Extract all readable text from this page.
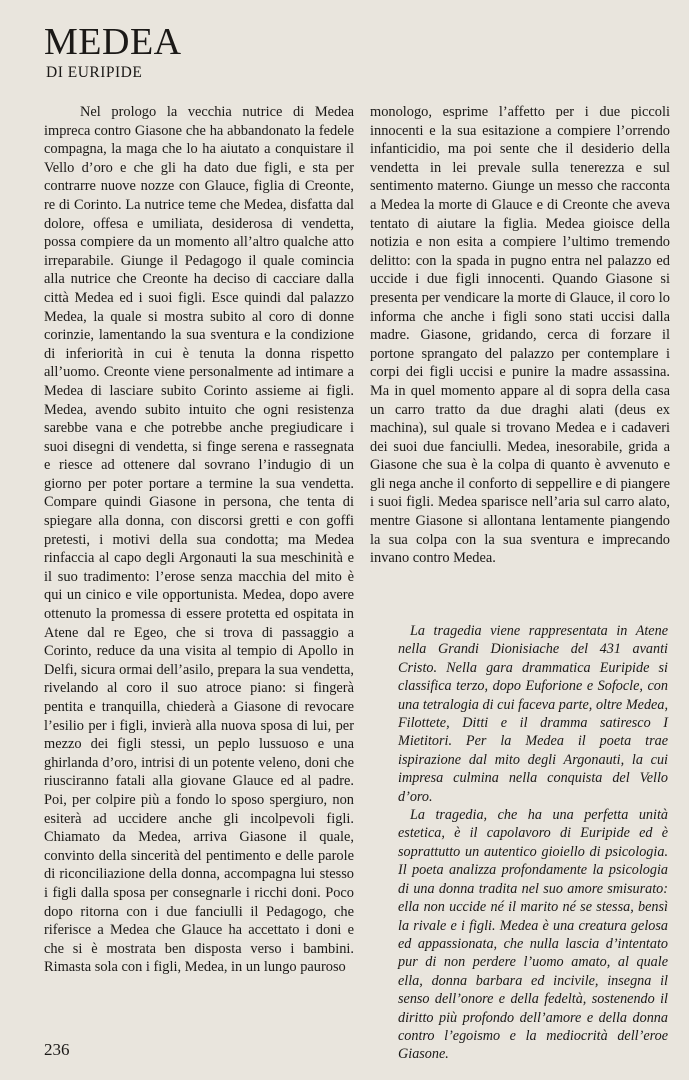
MEDEA
DI EURIPIDE

Nel prologo la vecchia nutrice di Medea impreca contro Giasone che ha abbandonato la fedele compagna, la maga che lo ha aiutato a conquistare il Vello d’oro e che gli ha dato due figli, e sta per contrarre nuove nozze con Glauce, figlia di Creonte, re di Corinto. La nutrice teme che Medea, disfatta dal dolore, offesa e umiliata, desiderosa di vendetta, possa compiere da un momento all’altro qualche atto irreparabile. Giunge il Pedagogo il quale comincia alla nutrice che Creonte ha deciso di cacciare dalla città Medea ed i suoi figli. Esce quindi dal palazzo Medea, la quale si mostra subito al coro di donne corinzie, lamentando la sua sventura e la condizione di inferiorità in cui è tenuta la donna rispetto all’uomo. Creonte viene personalmente ad intimare a Medea di lasciare subito Corinto assieme ai figli. Medea, avendo subito intuito che ogni resistenza sarebbe vana e che potrebbe anche pregiudicare i suoi disegni di vendetta, si finge serena e rassegnata e riesce ad ottenere dal sovrano l’indugio di un giorno per poter portare a termine la sua vendetta. Compare quindi Giasone in persona, che tenta di spiegare alla donna, con discorsi gretti e con goffi pretesti, i motivi della sua condotta; ma Medea rinfaccia al capo degli Argonauti la sua meschinità e il suo tradimento: l’erose senza macchia del mito è qui un cinico e vile opportunista. Medea, dopo avere ottenuto la promessa di essere protetta ed ospitata in Atene dal re Egeo, che si trova di passaggio a Corinto, reduce da una visita al tempio di Apollo in Delfi, sicura ormai dell’asilo, prepara la sua vendetta, rivelando al coro il suo atroce piano: si fingerà pentita e tranquilla, chiederà a Giasone di revocare l’esilio per i figli, invierà alla nuova sposa di lui, per mezzo dei figli stessi, un peplo lussuoso e una ghirlanda d’oro, intrisi di un potente veleno, doni che riusciranno fatali alla giovane Glauce ed al padre. Poi, per colpire più a fondo lo sposo spergiuro, non esiterà ad uccidere anche gli incolpevoli figli. Chiamato da Medea, arriva Giasone il quale, convinto della sincerità del pentimento e delle parole di riconciliazione della donna, accompagna lui stesso i figli dalla sposa per consegnarle i ricchi doni. Poco dopo ritorna con i due fanciulli il Pedagogo, che riferisce a Medea che Glauce ha accettato i doni e che si è mostrata ben disposta verso i bambini. Rimasta sola con i figli, Medea, in un lungo pauroso

monologo, esprime l’affetto per i due piccoli innocenti e la sua esitazione a compiere l’orrendo infanticidio, ma poi sente che il desiderio della vendetta in lei prevale sulla tenerezza e sul sentimento materno. Giunge un messo che racconta a Medea la morte di Glauce e di Creonte che aveva tentato di aiutare la figlia. Medea gioisce della notizia e non esita a compiere l’ultimo tremendo delitto: con la spada in pugno entra nel palazzo ed uccide i due figli innocenti. Quando Giasone si presenta per vendicare la morte di Glauce, il coro lo informa che anche i figli sono stati uccisi dalla madre. Giasone, gridando, cerca di forzare il portone sprangato del palazzo per contemplare i corpi dei figli uccisi e punire la madre assassina. Ma in quel momento appare al di sopra della casa un carro tratto da due draghi alati (deus ex machina), sul quale si trovano Medea e i cadaveri dei suoi due fanciulli. Medea, inesorabile, grida a Giasone che sua è la colpa di quanto è avvenuto e gli nega anche il conforto di seppellire e di piangere i suoi figli. Medea sparisce nell’aria sul carro alato, mentre Giasone si allontana lentamente piangendo la sua colpa con la sua sventura e imprecando invano contro Medea.

La tragedia viene rappresentata in Atene nella Grandi Dionisiache del 431 avanti Cristo. Nella gara drammatica Euripide si classifica terzo, dopo Euforione e Sofocle, con una tetralogia di cui faceva parte, oltre Medea, Filottete, Ditti e il dramma satiresco I Mietitori. Per la Medea il poeta trae ispirazione dal mito degli Argonauti, la cui impresa culmina nella conquista del Vello d’oro.

La tragedia, che ha una perfetta unità estetica, è il capolavoro di Euripide ed è soprattutto un autentico gioiello di psicologia. Il poeta analizza profondamente la psicologia di una donna tradita nel suo amore smisurato: ella non uccide né il marito né se stessa, bensì la rivale e i figli. Medea è una creatura gelosa ed appassionata, che nulla lascia d’intentato pur di non perdere l’uomo amato, al quale ella, donna barbara ed incivile, insegna il senso dell’onore e della fedeltà, sostenendo il diritto più profondo dell’amore e della donna contro l’egoismo e la mediocrità dell’eroe Giasone.

236
